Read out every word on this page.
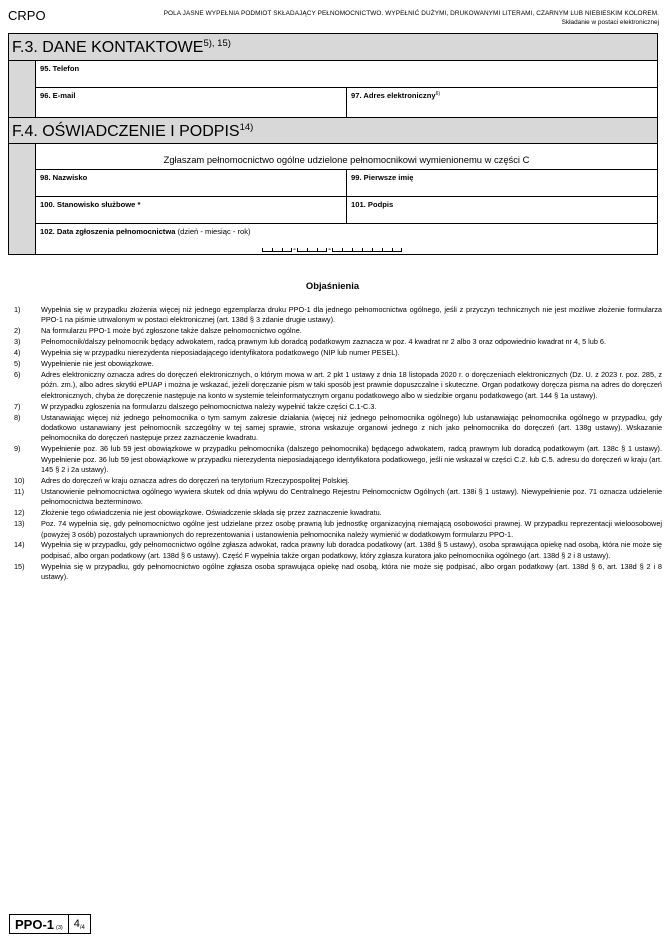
CRPO	POLA JASNE WYPEŁNIA PODMIOT SKŁADAJĄCY PEŁNOMOCNICTWO. WYPEŁNIĆ DUŻYMI, DRUKOWANYMI LITERAMI, CZARNYM LUB NIEBIESKIM KOLOREM.
Składanie w postaci elektronicznej
F.3. DANE $KONTAKTOWE^{5), 15)}$
95. Telefon
96. E-mail	97. Adres elektroniczny$^{6)}$
F.4. OŚWIADCZENIE I PODPIS$^{14)}$
Zgłaszam pełnomocnictwo ogólne udzielone pełnomocnikowi wymienionemu w części C
98. Nazwisko	99. Pierwsze imię
100. Stanowisko służbowe *	101. Podpis
102. Data zgłoszenia pełnomocnictwa (dzień - miesiąc - rok)
-	-
Objaśnienia
1)	Wypełnia się w przypadku złożenia więcej niż jednego egzemplarza druku PPO-1 dla jednego pełnomocnictwa ogólnego, jeśli z przyczyn technicznych nie jest możliwe złożenie formularza PPO-1 na piśmie utrwalonym w postaci elektronicznej (art. 138d § 3 zdanie drugie ustawy).
2)	Na formularzu PPO-1 może być zgłoszone także dalsze pełnomocnictwo ogólne.
3)	Pełnomocnik/dalszy pełnomocnik będący adwokatem, radcą prawnym lub doradcą podatkowym zaznacza w poz. 4 kwadrat nr 2 albo 3 oraz odpowiednio kwadrat nr 4, 5 lub 6.
4)	Wypełnia się w przypadku nierezydenta nieposiadającego identyfikatora podatkowego (NIP lub numer PESEL).
5)	Wypełnienie nie jest obowiązkowe.
6)	Adres elektroniczny oznacza adres do doręczeń elektronicznych, o którym mowa w art. 2 pkt 1 ustawy z dnia 18 listopada 2020 r. o doręczeniach elektronicznych (Dz. U. z 2023 r. poz. 285, z późn. zm.), albo adres skrytki ePUAP i można je wskazać, jeżeli doręczanie pism w taki sposób jest prawnie dopuszczalne i skuteczne. Organ podatkowy doręcza pisma na adres do doręczeń elektronicznych, chyba że doręczenie następuje na konto w systemie teleinformatycznym organu podatkowego albo w siedzibie organu podatkowego (art. 144 § 1a ustawy).
7)	W przypadku zgłoszenia na formularzu dalszego pełnomocnictwa należy wypełnić także części C.1-C.3.
8)	Ustanawiając więcej niż jednego pełnomocnika o tym samym zakresie działania (więcej niż jednego pełnomocnika ogólnego) lub ustanawiając pełnomocnika ogólnego w przypadku, gdy dodatkowo ustanawiany jest pełnomocnik szczególny w tej samej sprawie, strona wskazuje organowi jednego z nich jako pełnomocnika do doręczeń (art. 138g ustawy). Wskazanie pełnomocnika do doręczeń następuje przez zaznaczenie kwadratu.
9)	Wypełnienie poz. 36 lub 59 jest obowiązkowe w przypadku pełnomocnika (dalszego pełnomocnika) będącego adwokatem, radcą prawnym lub doradcą podatkowym (art. 138c § 1 ustawy). Wypełnienie poz. 36 lub 59 jest obowiązkowe w przypadku nierezydenta nieposiadającego identyfikatora podatkowego, jeśli nie wskazał w części C.2. lub C.5. adresu do doręczeń w kraju (art. 145 § 2 i 2a ustawy).
10)	Adres do doręczeń w kraju oznacza adres do doręczeń na terytorium Rzeczypospolitej Polskiej.
11)	Ustanowienie pełnomocnictwa ogólnego wywiera skutek od dnia wpływu do Centralnego Rejestru Pełnomocnictw Ogólnych (art. 138i § 1 ustawy). Niewypełnienie poz. 71 oznacza udzielenie pełnomocnictwa bezterminowo.
12)	Złożenie tego oświadczenia nie jest obowiązkowe. Oświadczenie składa się przez zaznaczenie kwadratu.
13)	Poz. 74 wypełnia się, gdy pełnomocnictwo ogólne jest udzielane przez osobę prawną lub jednostkę organizacyjną niemającą osobowości prawnej. W przypadku reprezentacji wieloosobowej (powyżej 3 osób) pozostałych uprawnionych do reprezentowania i ustanowienia pełnomocnika należy wymienić w dodatkowym formularzu PPO-1.
14)	Wypełnia się w przypadku, gdy pełnomocnictwo ogólne zgłasza adwokat, radca prawny lub doradca podatkowy (art. 138d § 5 ustawy), osoba sprawująca opiekę nad osobą, która nie może się podpisać, albo organ podatkowy (art. 138d § 6 ustawy). Część F wypełnia także organ podatkowy, który zgłasza kuratora jako pełnomocnika ogólnego (art. 138d § 2 i 8 ustawy).
15)	Wypełnia się w przypadku, gdy pełnomocnictwo ogólne zgłasza osoba sprawująca opiekę nad osobą, która nie może się podpisać, albo organ podatkowy (art. 138d § 6, art. 138d § 2 i 8 ustawy).
PPO-1 (3) 4 /4
